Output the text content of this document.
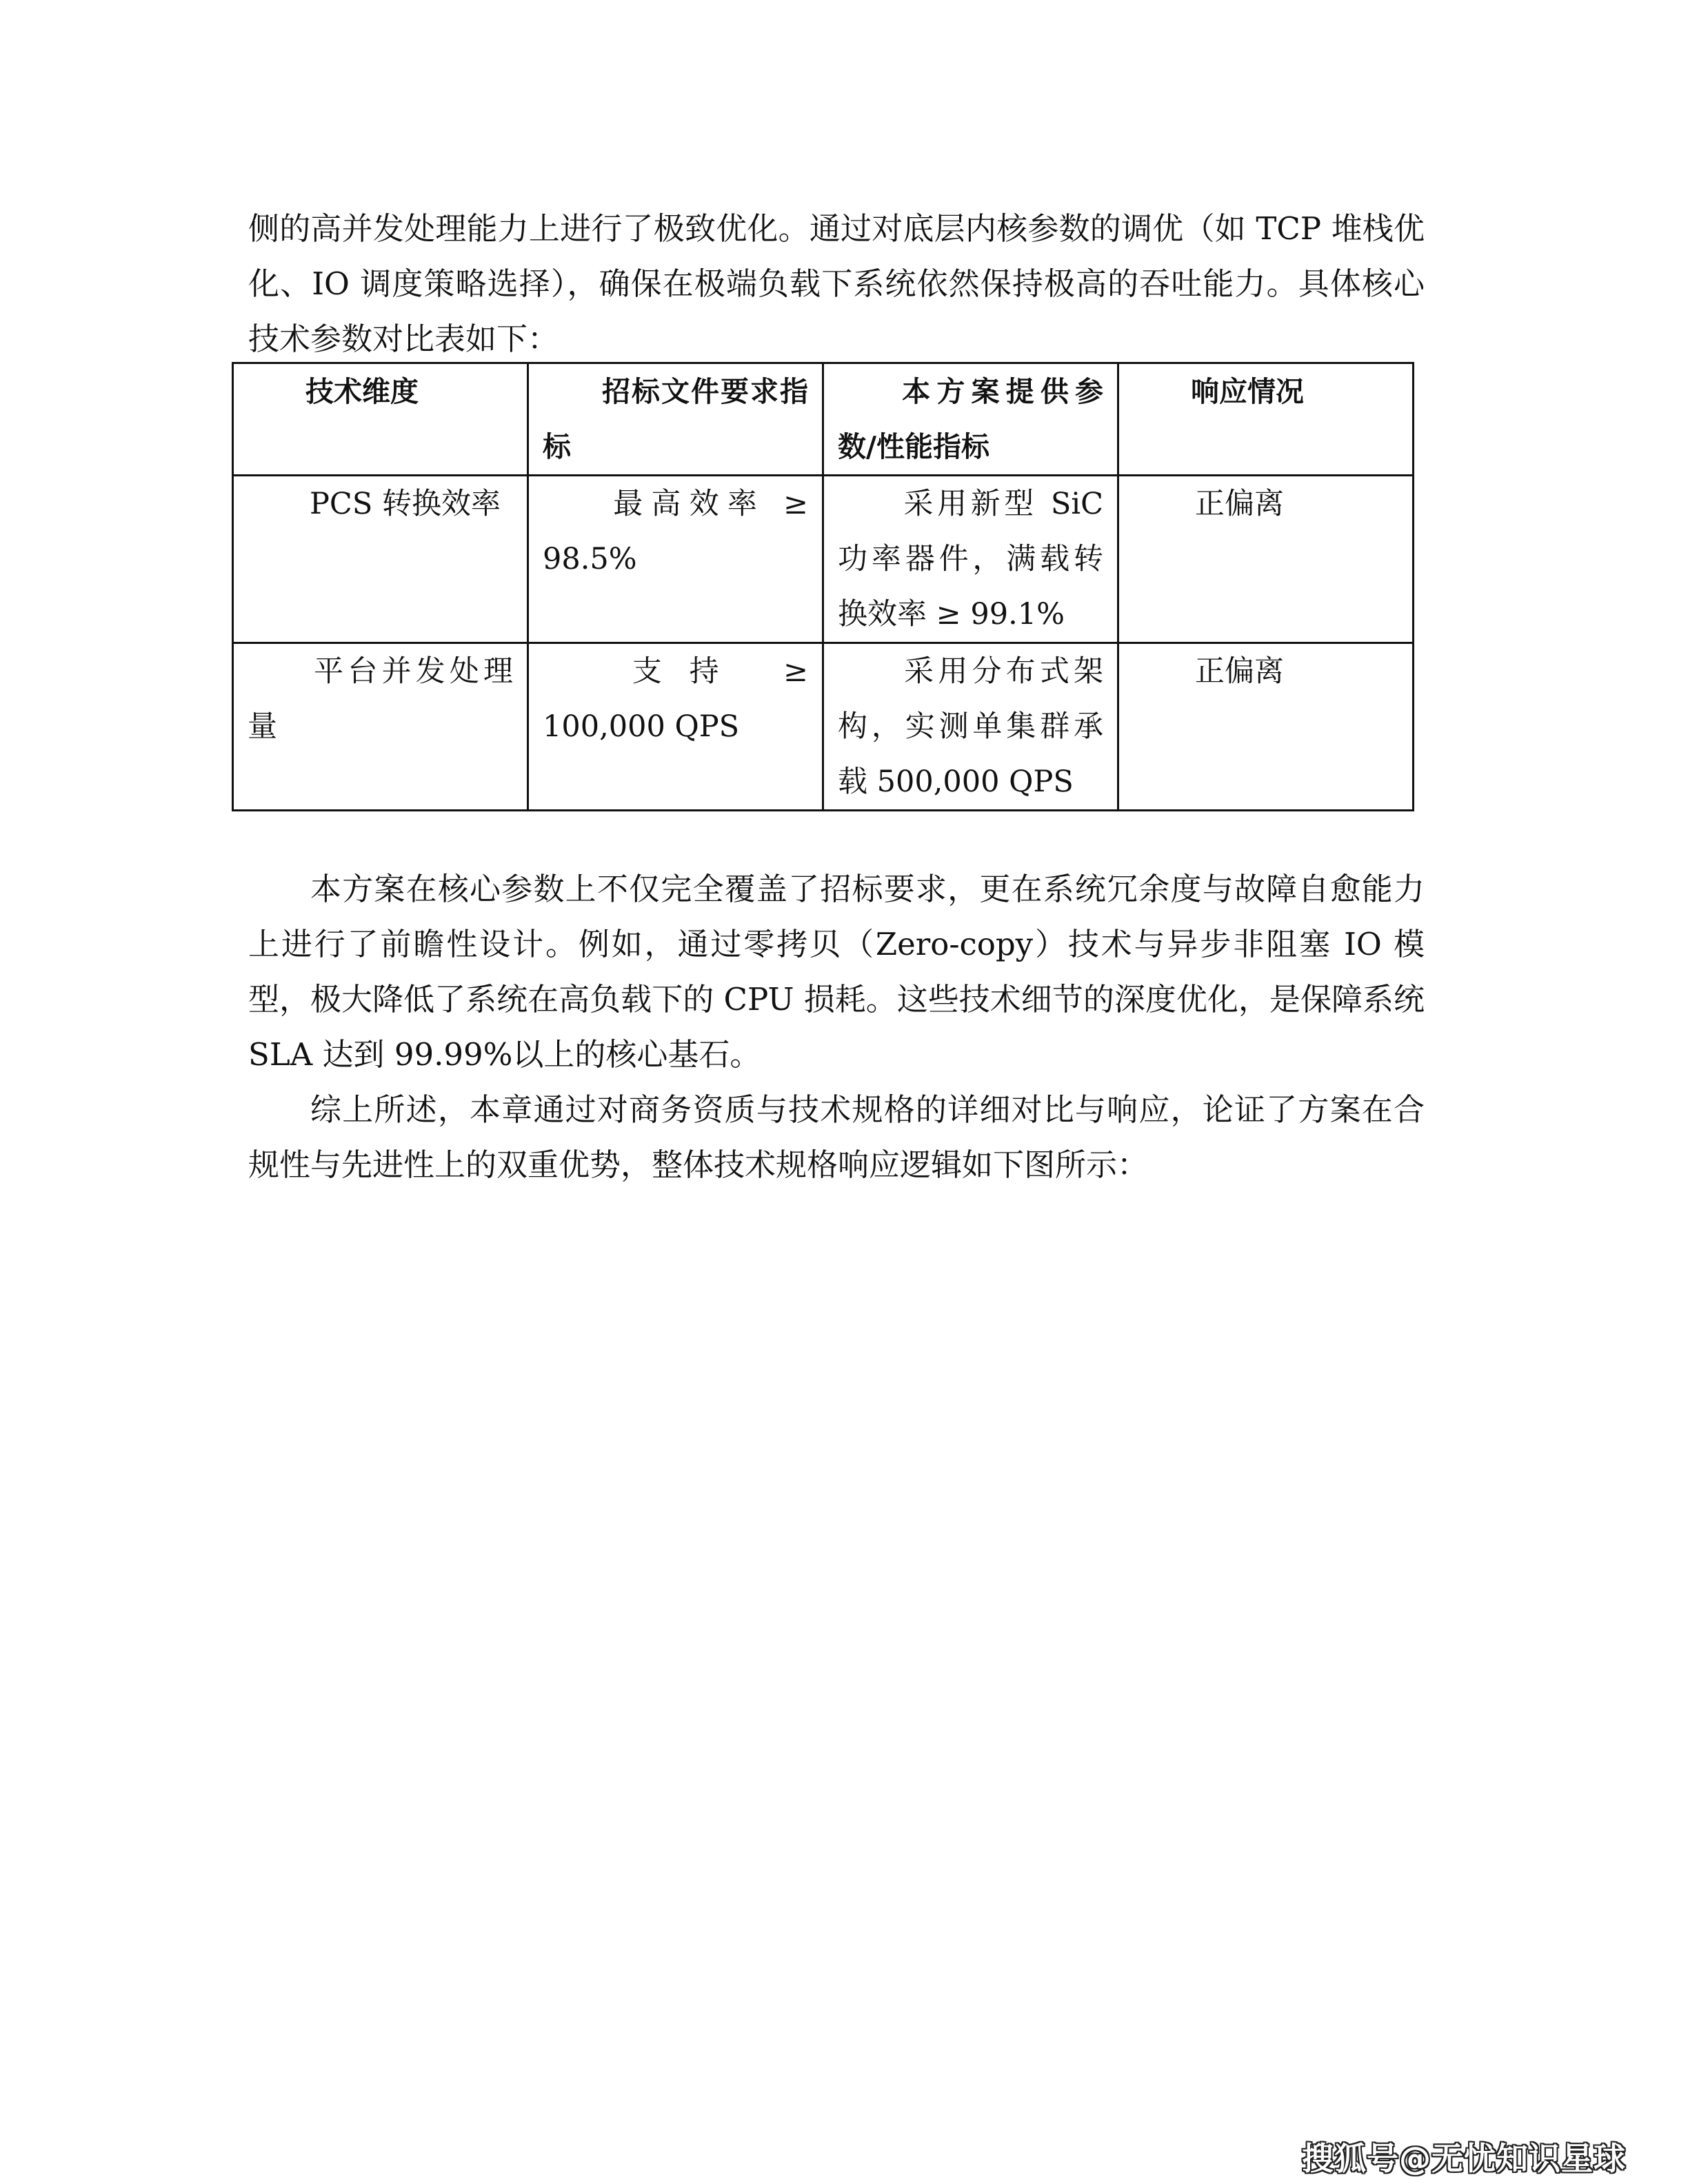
侧的高并发处理能力上进行了极致优化。通过对底层内核参数的调优（如 TCP 堆栈优化、IO 调度策略选择），确保在极端负载下系统依然保持极高的吞吐能力。具体核心技术参数对比表如下：

技术维度	招标文件要求指标	本方案提供参数/性能指标	响应情况
PCS 转换效率	最高效率 ≥ 98.5%	采用新型 SiC 功率器件，满载转换效率 ≥ 99.1%	正偏离
平台并发处理量	支持 ≥ 100,000 QPS	采用分布式架构，实测单集群承载 500,000 QPS	正偏离

本方案在核心参数上不仅完全覆盖了招标要求，更在系统冗余度与故障自愈能力上进行了前瞻性设计。例如，通过零拷贝（Zero-copy）技术与异步非阻塞 IO 模型，极大降低了系统在高负载下的 CPU 损耗。这些技术细节的深度优化，是保障系统 SLA 达到 99.99%以上的核心基石。

综上所述，本章通过对商务资质与技术规格的详细对比与响应，论证了方案在合规性与先进性上的双重优势，整体技术规格响应逻辑如下图所示：

搜狐号@无忧知识星球
